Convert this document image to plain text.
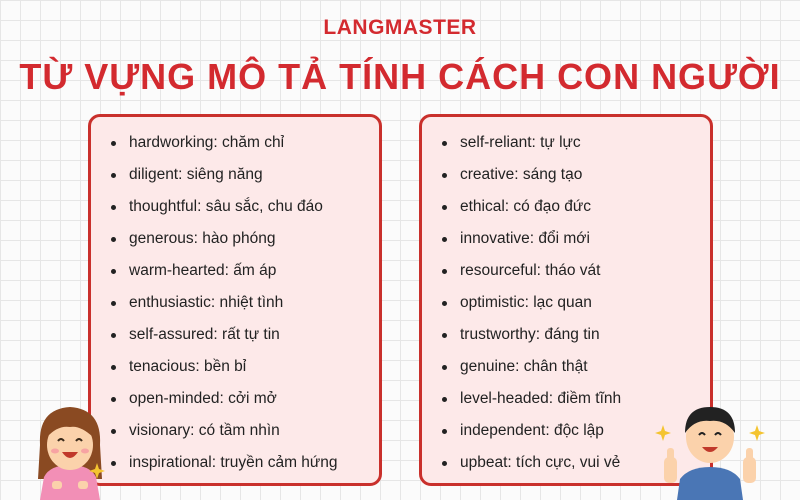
LANGMASTER
TỪ VỰNG MÔ TẢ TÍNH CÁCH CON NGƯỜI
hardworking: chăm chỉ
diligent: siêng năng
thoughtful: sâu sắc, chu đáo
generous: hào phóng
warm-hearted: ấm áp
enthusiastic: nhiệt tình
self-assured: rất tự tin
tenacious: bền bỉ
open-minded: cởi mở
visionary: có tầm nhìn
inspirational: truyền cảm hứng
self-reliant: tự lực
creative: sáng tạo
ethical: có đạo đức
innovative: đổi mới
resourceful: tháo vát
optimistic: lạc quan
trustworthy: đáng tin
genuine: chân thật
level-headed: điềm tĩnh
independent: độc lập
upbeat: tích cực, vui vẻ
